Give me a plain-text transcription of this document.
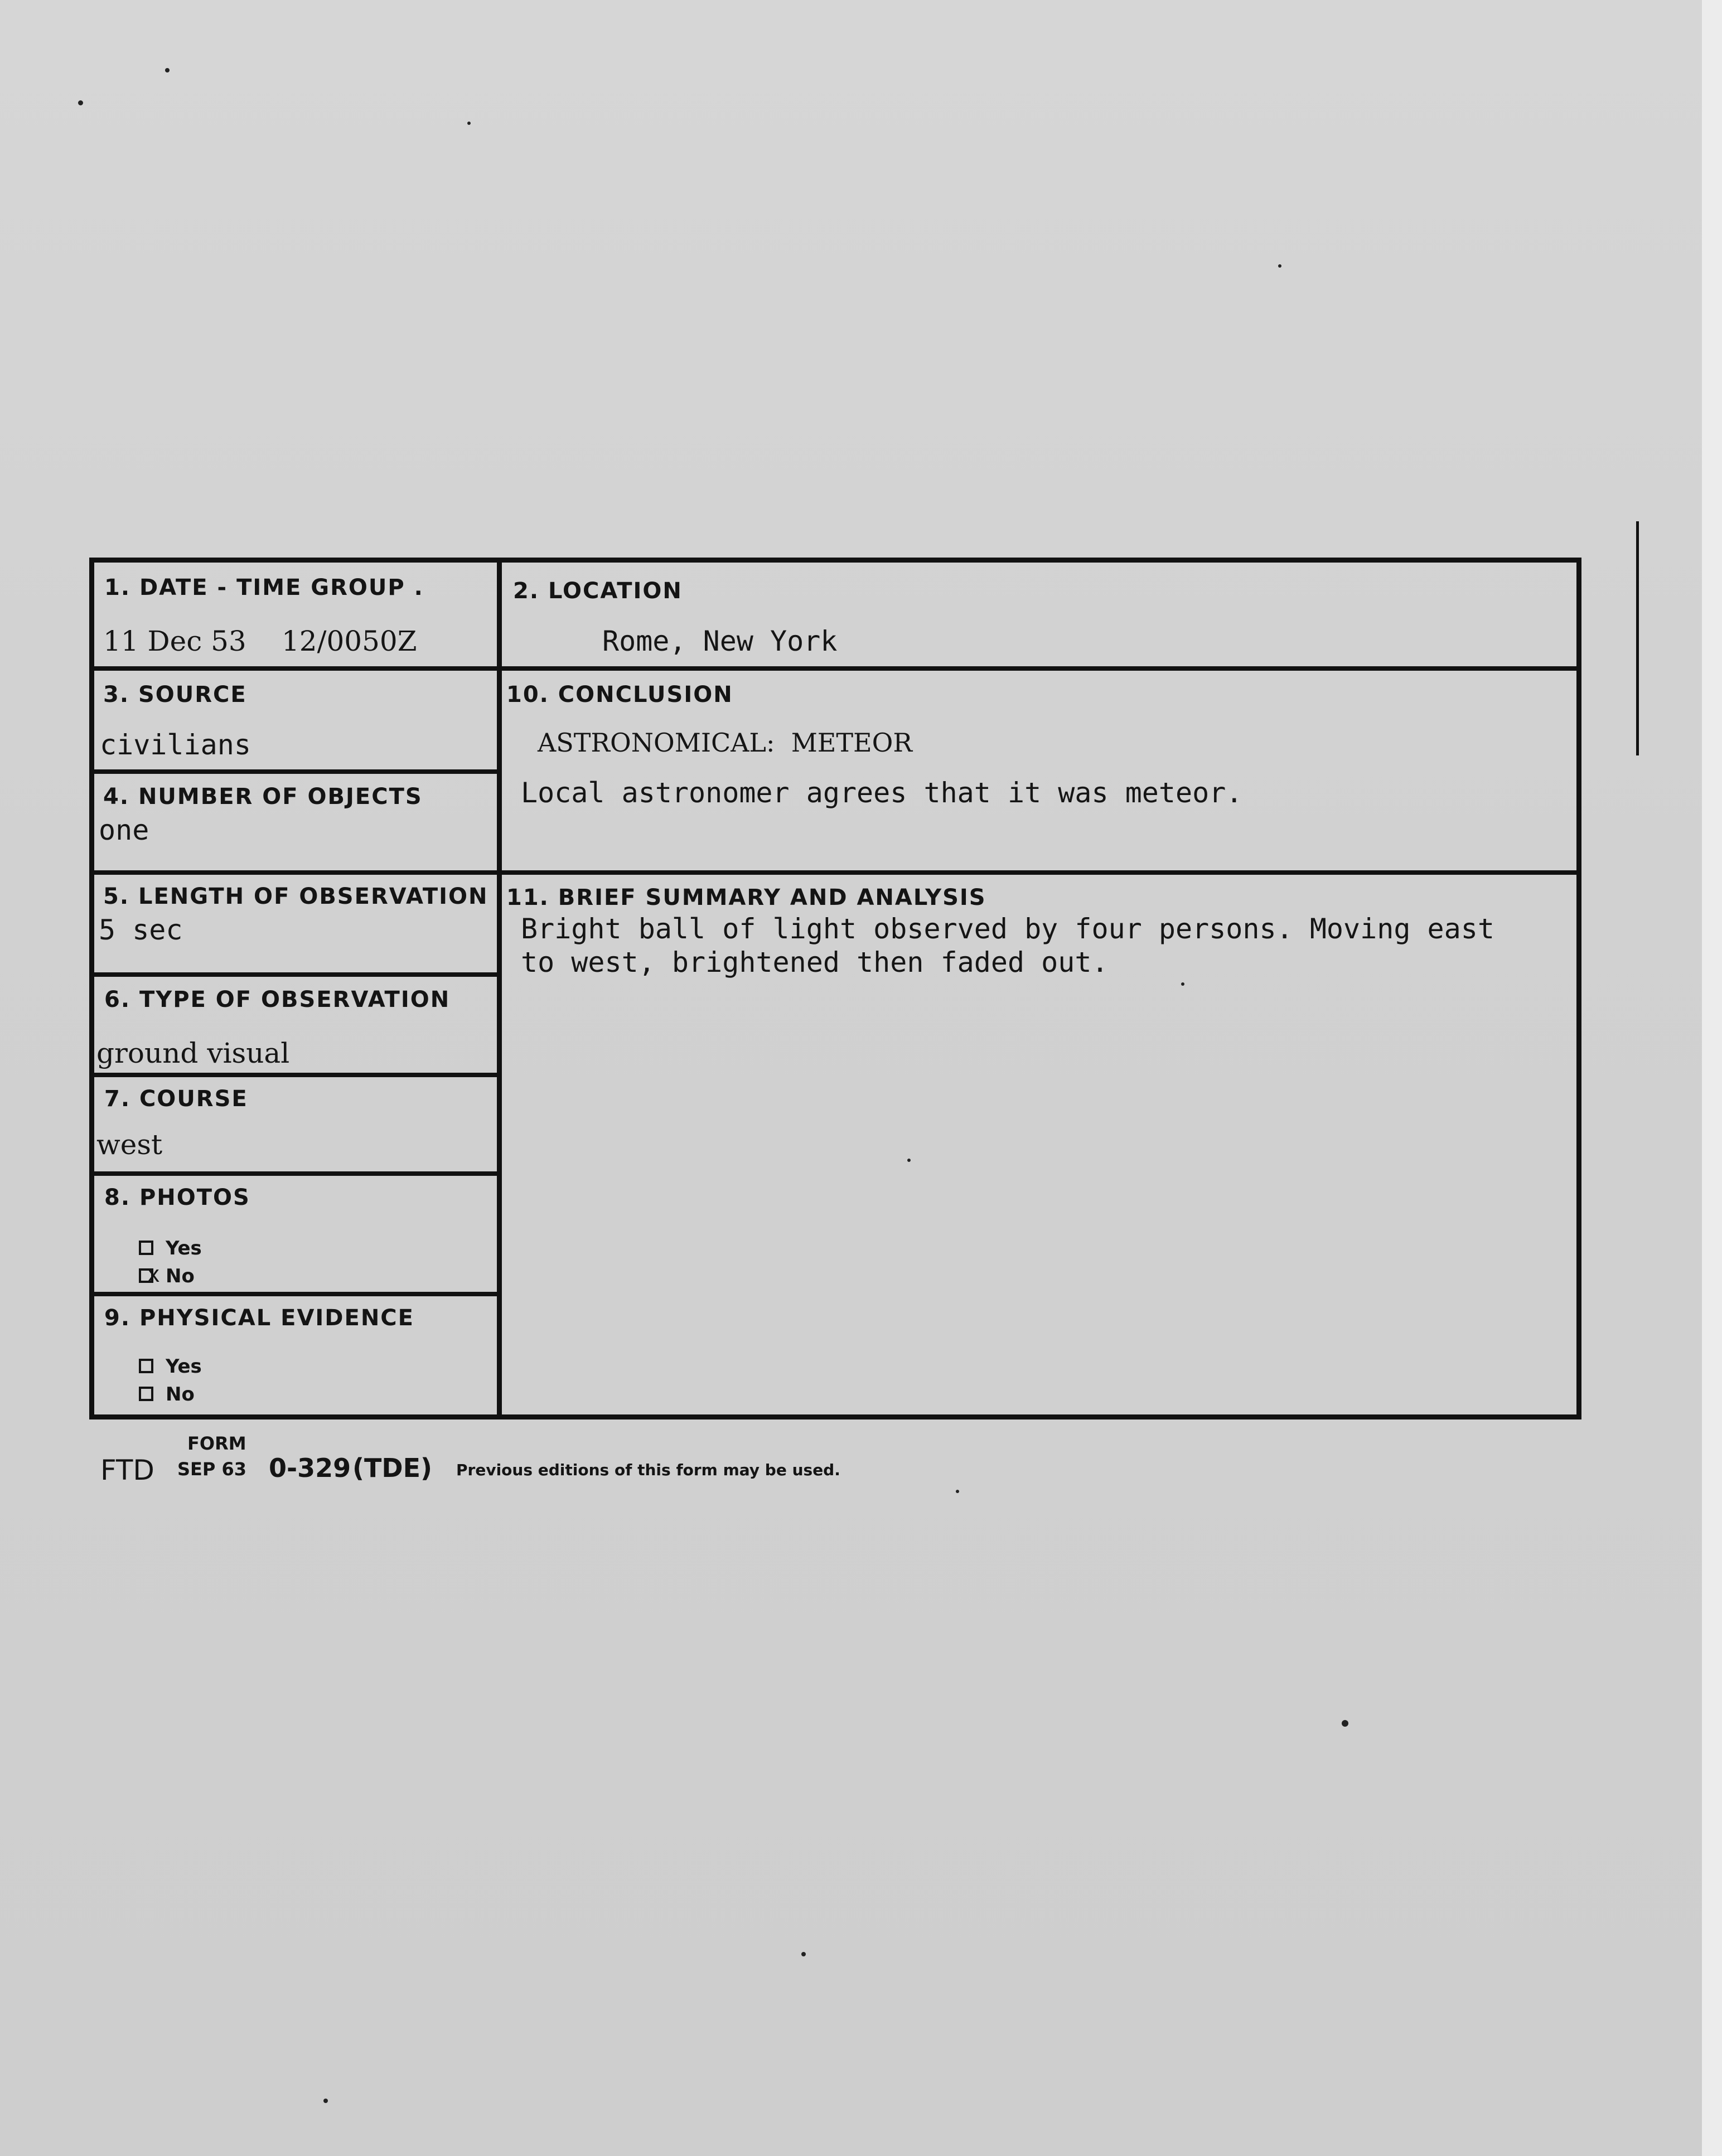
1. DATE - TIME GROUP .
11 Dec 53 12/0050Z
2. LOCATION
Rome, New York
3. SOURCE
civilians
10. CONCLUSION
ASTRONOMICAL:  METEOR
Local astronomer agrees that it was meteor.
4. NUMBER OF OBJECTS
one
5. LENGTH OF OBSERVATION
5 sec
11. BRIEF SUMMARY AND ANALYSIS
Bright ball of light observed by four persons. Moving east
to west, brightened then faded out.
6. TYPE OF OBSERVATION
ground visual
7. COURSE
west
8. PHOTOS
Yes
xNo
9. PHYSICAL EVIDENCE
Yes
No
FTD
FORM
SEP 63 0-329 (TDE) Previous editions of this form may be used.
